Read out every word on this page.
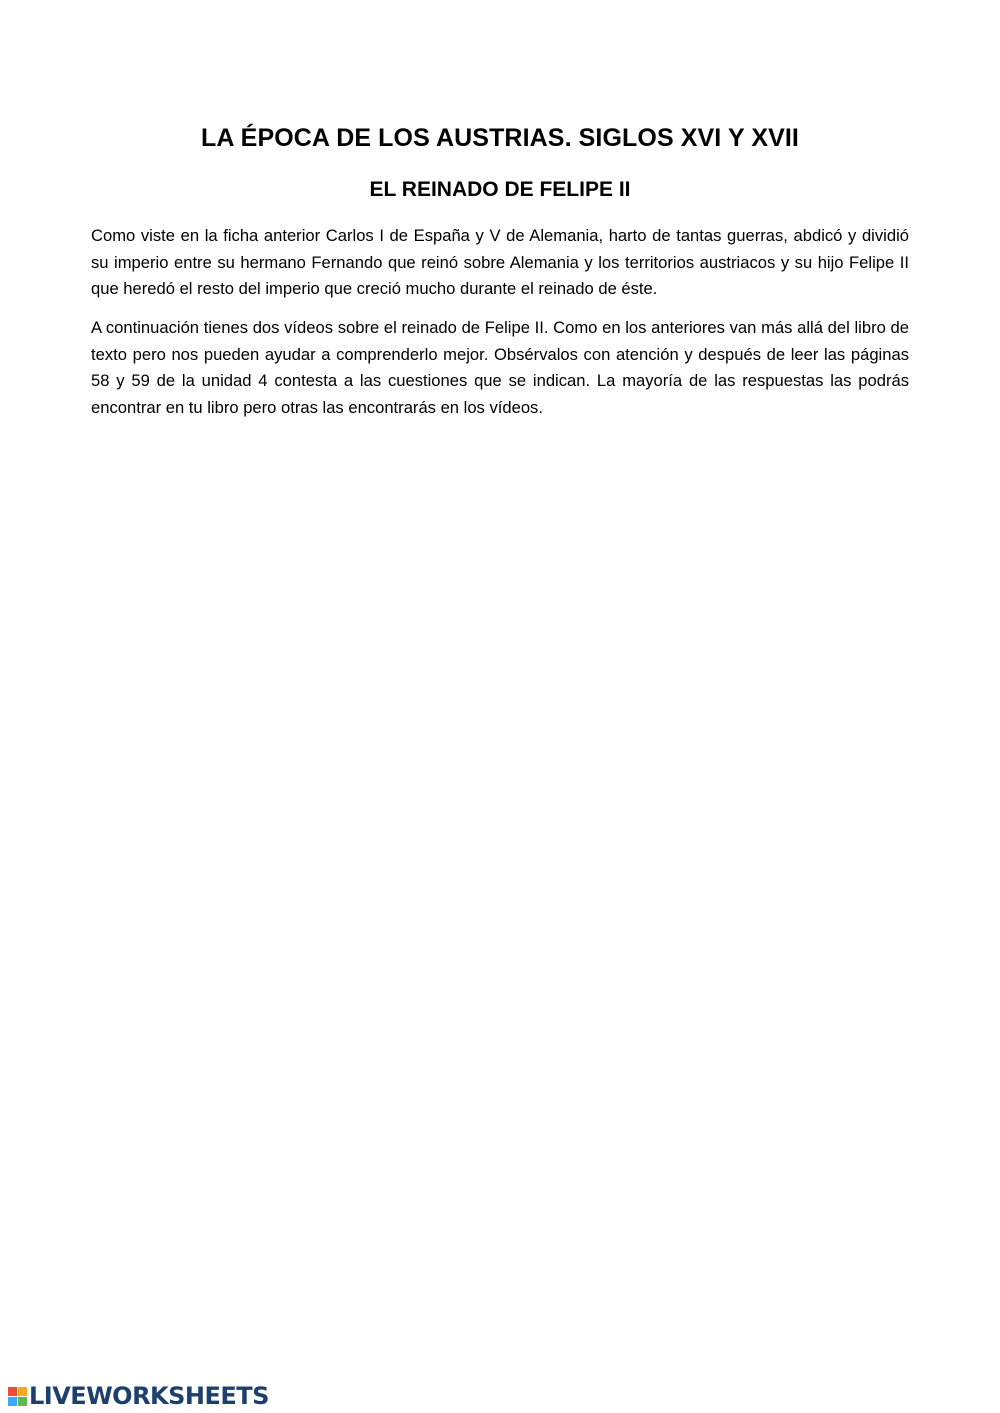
LA ÉPOCA DE LOS AUSTRIAS. SIGLOS XVI Y XVII
EL REINADO DE FELIPE II

Como viste en la ficha anterior Carlos I de España y V de Alemania, harto de tantas guerras, abdicó y dividió su imperio entre su hermano Fernando que reinó sobre Alemania y los territorios austriacos y su hijo Felipe II que heredó el resto del imperio que creció mucho durante el reinado de éste.

A continuación tienes dos vídeos sobre el reinado de Felipe II. Como en los anteriores van más allá del libro de texto pero nos pueden ayudar a comprenderlo mejor. Obsérvalos con atención y después de leer las páginas 58 y 59 de la unidad 4 contesta a las cuestiones que se indican. La mayoría de las respuestas las podrás encontrar en tu libro pero otras las encontrarás en los vídeos.

LIVEWORKSHEETS
